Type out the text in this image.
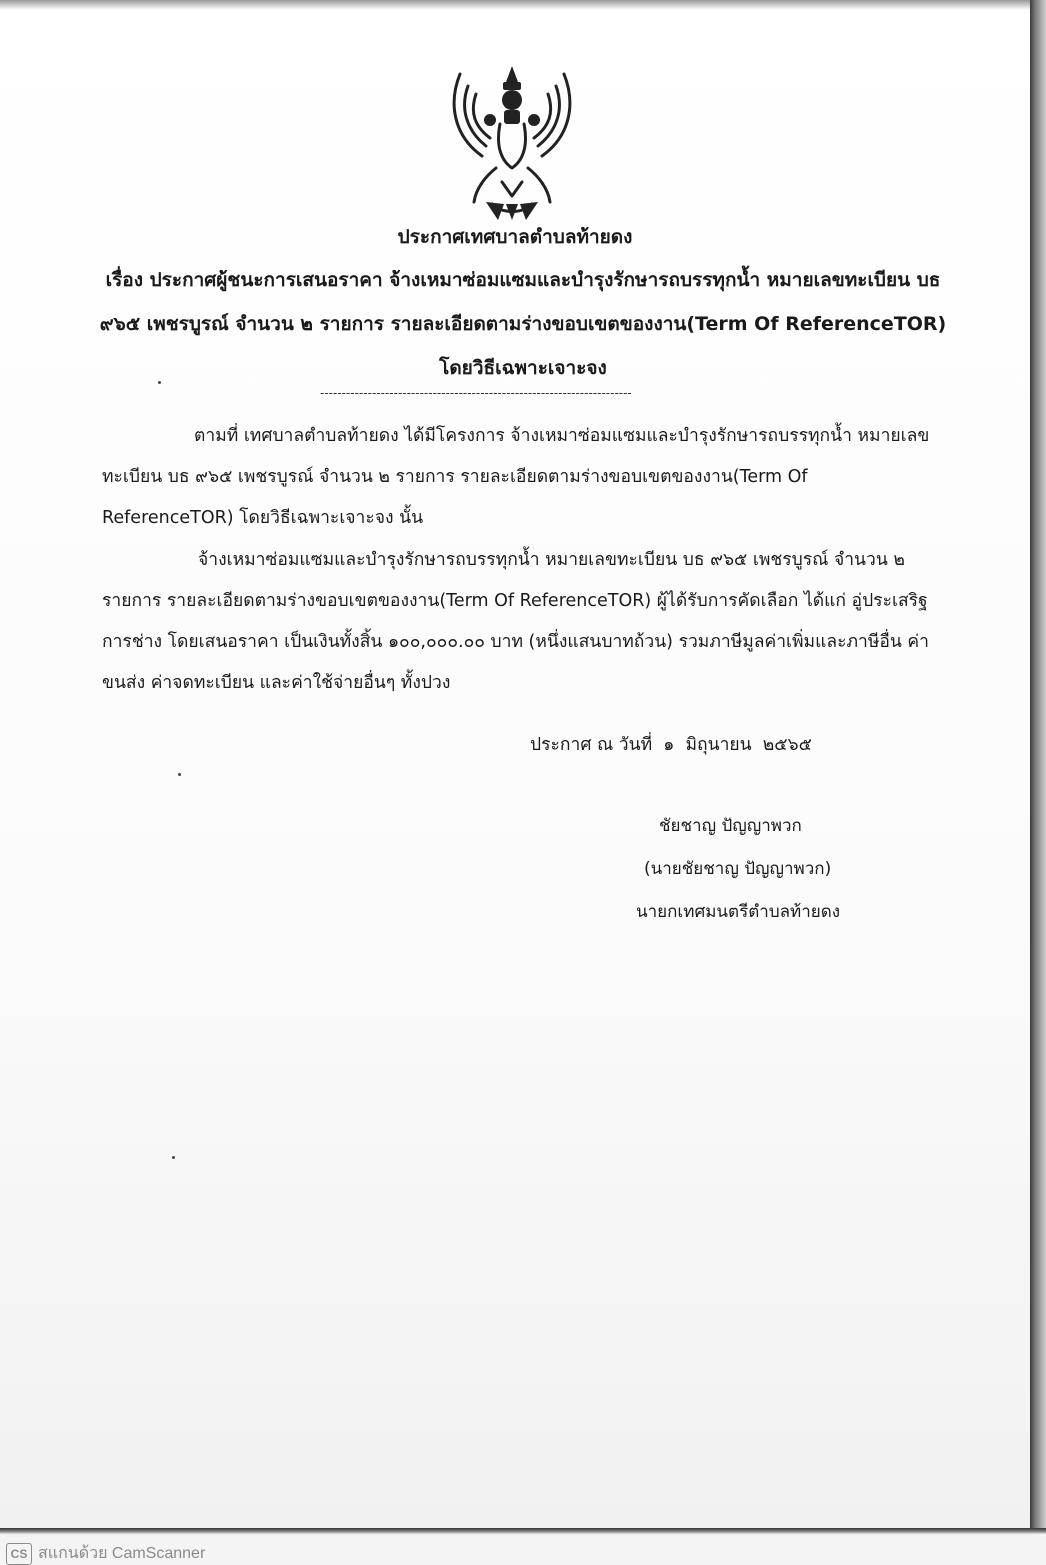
ประกาศเทศบาลตำบลท้ายดง
เรื่อง ประกาศผู้ชนะการเสนอราคา จ้างเหมาซ่อมแซมและบำรุงรักษารถบรรทุกน้ำ หมายเลขทะเบียน บธ ๙๖๕ เพชรบูรณ์ จำนวน ๒ รายการ รายละเอียดตามร่างขอบเขตของงาน(Term Of ReferenceTOR) โดยวิธีเฉพาะเจาะจง
------------------------------------------------------------------------
ตามที่ เทศบาลตำบลท้ายดง ได้มีโครงการ จ้างเหมาซ่อมแซมและบำรุงรักษารถบรรทุกน้ำ หมายเลขทะเบียน บธ ๙๖๕ เพชรบูรณ์ จำนวน ๒ รายการ รายละเอียดตามร่างขอบเขตของงาน(Term Of ReferenceTOR) โดยวิธีเฉพาะเจาะจง นั้น
จ้างเหมาซ่อมแซมและบำรุงรักษารถบรรทุกน้ำ หมายเลขทะเบียน บธ ๙๖๕ เพชรบูรณ์ จำนวน ๒ รายการ รายละเอียดตามร่างขอบเขตของงาน(Term Of ReferenceTOR) ผู้ได้รับการคัดเลือก ได้แก่ อู่ประเสริฐ การช่าง โดยเสนอราคา เป็นเงินทั้งสิ้น ๑๐๐,๐๐๐.๐๐ บาท (หนึ่งแสนบาทถ้วน) รวมภาษีมูลค่าเพิ่มและภาษีอื่น ค่าขนส่ง ค่าจดทะเบียน และค่าใช้จ่ายอื่นๆ ทั้งปวง
ประกาศ ณ วันที่  ๑  มิถุนายน  ๒๕๖๕
ชัยชาญ ปัญญาพวก
(นายชัยชาญ ปัญญาพวก)
นายกเทศมนตรีตำบลท้ายดง
CS สแกนด้วย CamScanner
